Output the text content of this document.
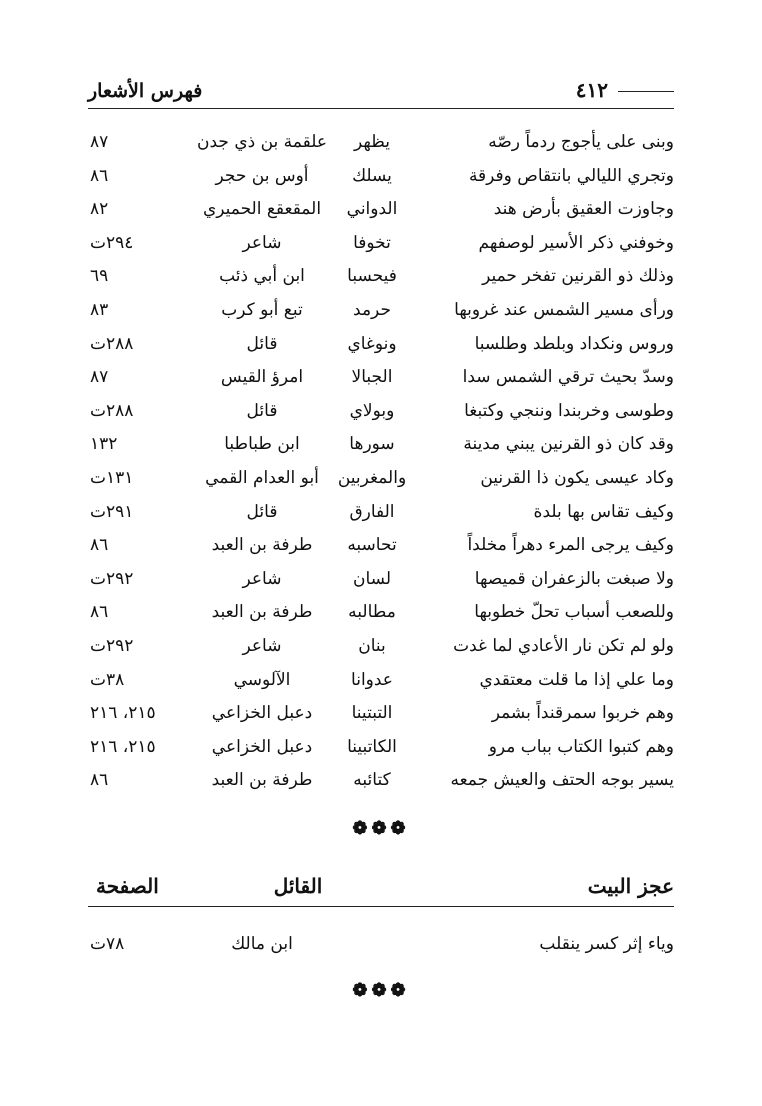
فهرس الأشعار	٤١٢
وبنى على يأجوج ردماً رصّه
يظهر
علقمة بن ذي جدن
٨٧
وتجري الليالي بانتقاص وفرقة
يسلك
أوس بن حجر
٨٦
وجاوزت العقيق بأرض هند
الدواني
المقعقع الحميري
٨٢
وخوفني ذكر الأسير لوصفهم
تخوفا
شاعر
٢٩٤ت
وذلك ذو القرنين تفخر حمير
فيحسبا
ابن أبي ذئب
٦٩
ورأى مسير الشمس عند غروبها
حرمد
تبع أبو كرب
٨٣
وروس ونكداد وبلطد وطلسبا
ونوغاي
قائل
٢٨٨ت
وسدّ بحيث ترقي الشمس سدا
الجبالا
امرؤ القيس
٨٧
وطوسى وخربندا وننجي وكتبغا
وبولاي
قائل
٢٨٨ت
وقد كان ذو القرنين يبني مدينة
سورها
ابن طباطبا
١٣٢
وكاد عيسى يكون ذا القرنين
والمغربين
أبو العدام القمي
١٣١ت
وكيف تقاس بها بلدة
الفارق
قائل
٢٩١ت
وكيف يرجى المرء دهراً مخلداً
تحاسبه
طرفة بن العبد
٨٦
ولا صبغت بالزعفران قميصها
لسان
شاعر
٢٩٢ت
وللصعب أسباب تحلّ خطوبها
مطالبه
طرفة بن العبد
٨٦
ولو لم تكن نار الأعادي لما غدت
بنان
شاعر
٢٩٢ت
وما علي إذا ما قلت معتقدي
عدوانا
الآلوسي
٣٨ت
وهم خربوا سمرقنداً بشمر
التبتينا
دعبل الخزاعي
٢١٥، ٢١٦
وهم كتبوا الكتاب بباب مرو
الكاتبينا
دعبل الخزاعي
٢١٥، ٢١٦
يسير بوجه الحتف والعيش جمعه
كتائبه
طرفة بن العبد
٨٦
❁❁❁
عجز البيت
القائل
الصفحة
وياء إثر كسر ينقلب
ابن مالك
٧٨ت
❁❁❁
